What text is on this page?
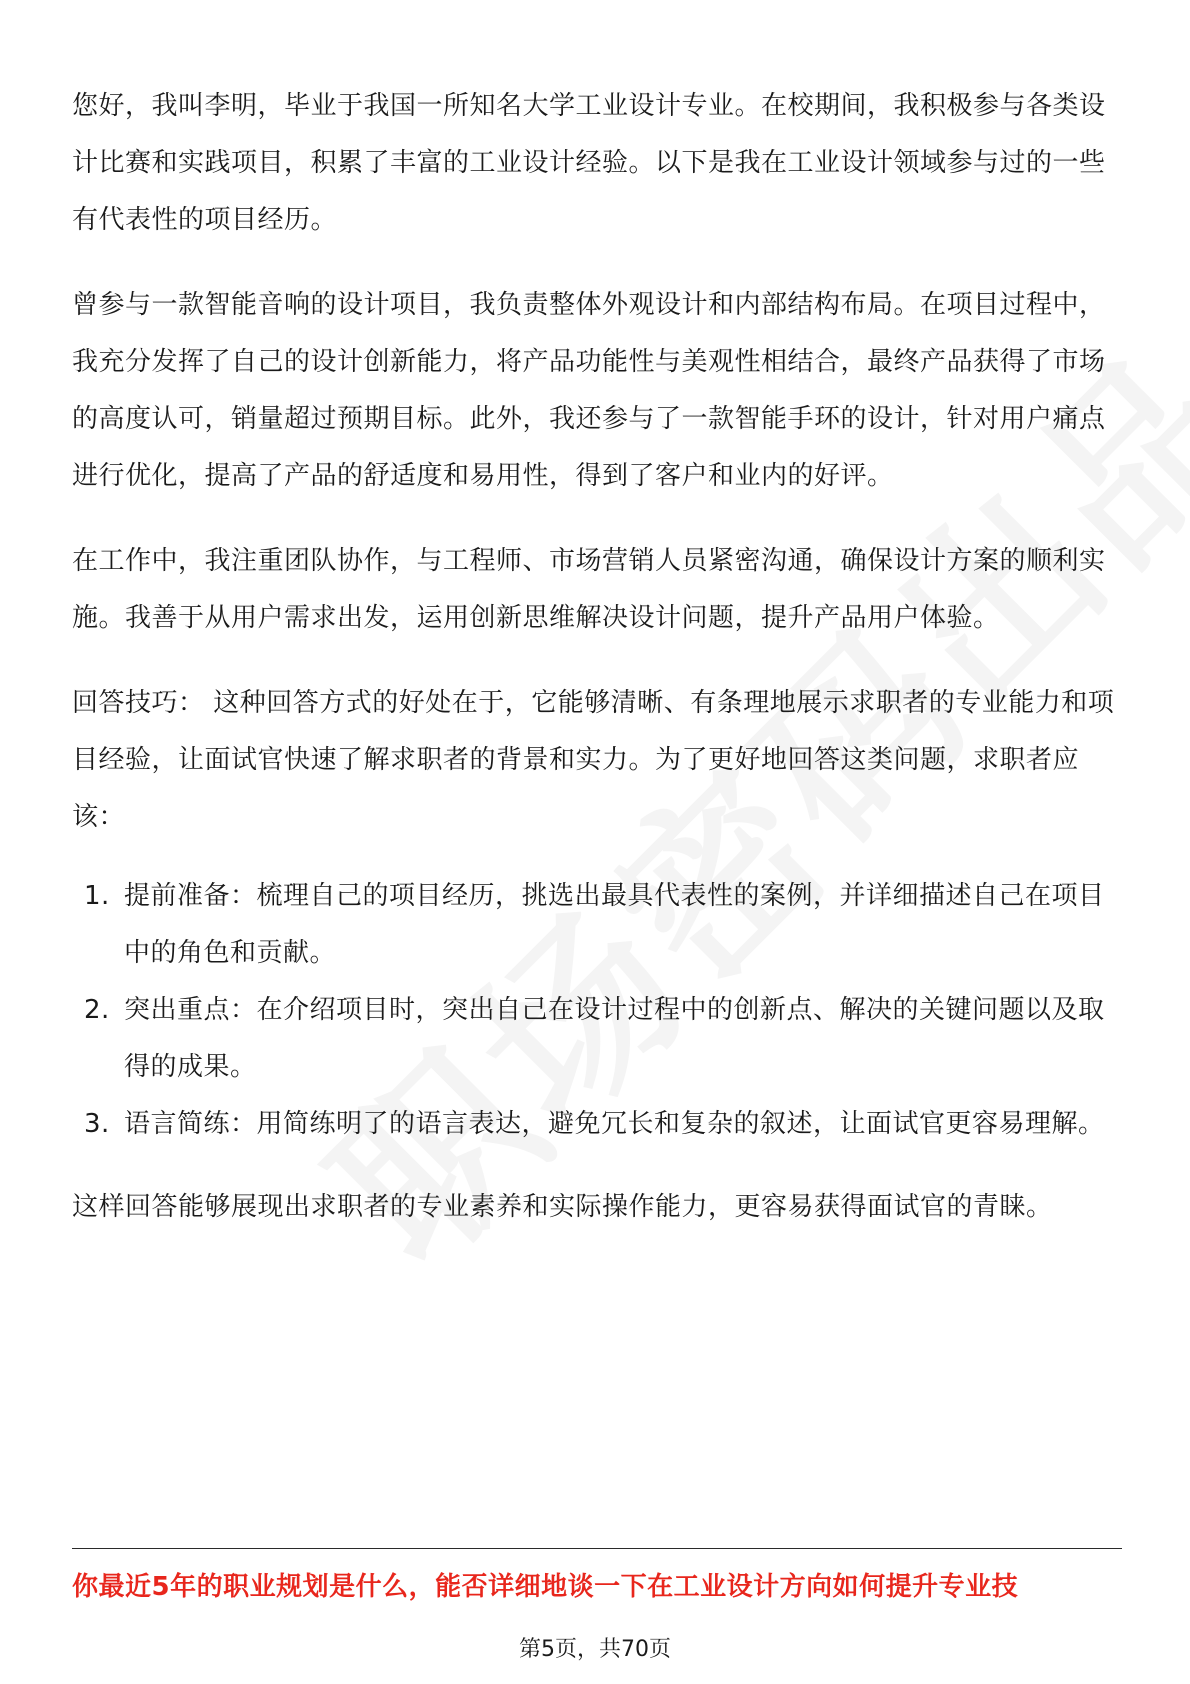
您好，我叫李明，毕业于我国一所知名大学工业设计专业。在校期间，我积极参与各类设计比赛和实践项目，积累了丰富的工业设计经验。以下是我在工业设计领域参与过的一些有代表性的项目经历。

曾参与一款智能音响的设计项目，我负责整体外观设计和内部结构布局。在项目过程中，我充分发挥了自己的设计创新能力，将产品功能性与美观性相结合，最终产品获得了市场的高度认可，销量超过预期目标。此外，我还参与了一款智能手环的设计，针对用户痛点进行优化，提高了产品的舒适度和易用性，得到了客户和业内的好评。

在工作中，我注重团队协作，与工程师、市场营销人员紧密沟通，确保设计方案的顺利实施。我善于从用户需求出发，运用创新思维解决设计问题，提升产品用户体验。

回答技巧： 这种回答方式的好处在于，它能够清晰、有条理地展示求职者的专业能力和项目经验，让面试官快速了解求职者的背景和实力。为了更好地回答这类问题，求职者应该：

1. 提前准备：梳理自己的项目经历，挑选出最具代表性的案例，并详细描述自己在项目中的角色和贡献。
2. 突出重点：在介绍项目时，突出自己在设计过程中的创新点、解决的关键问题以及取得的成果。
3. 语言简练：用简练明了的语言表达，避免冗长和复杂的叙述，让面试官更容易理解。

这样回答能够展现出求职者的专业素养和实际操作能力，更容易获得面试官的青睐。

你最近5年的职业规划是什么，能否详细地谈一下在工业设计方向如何提升专业技
第5页，共70页
